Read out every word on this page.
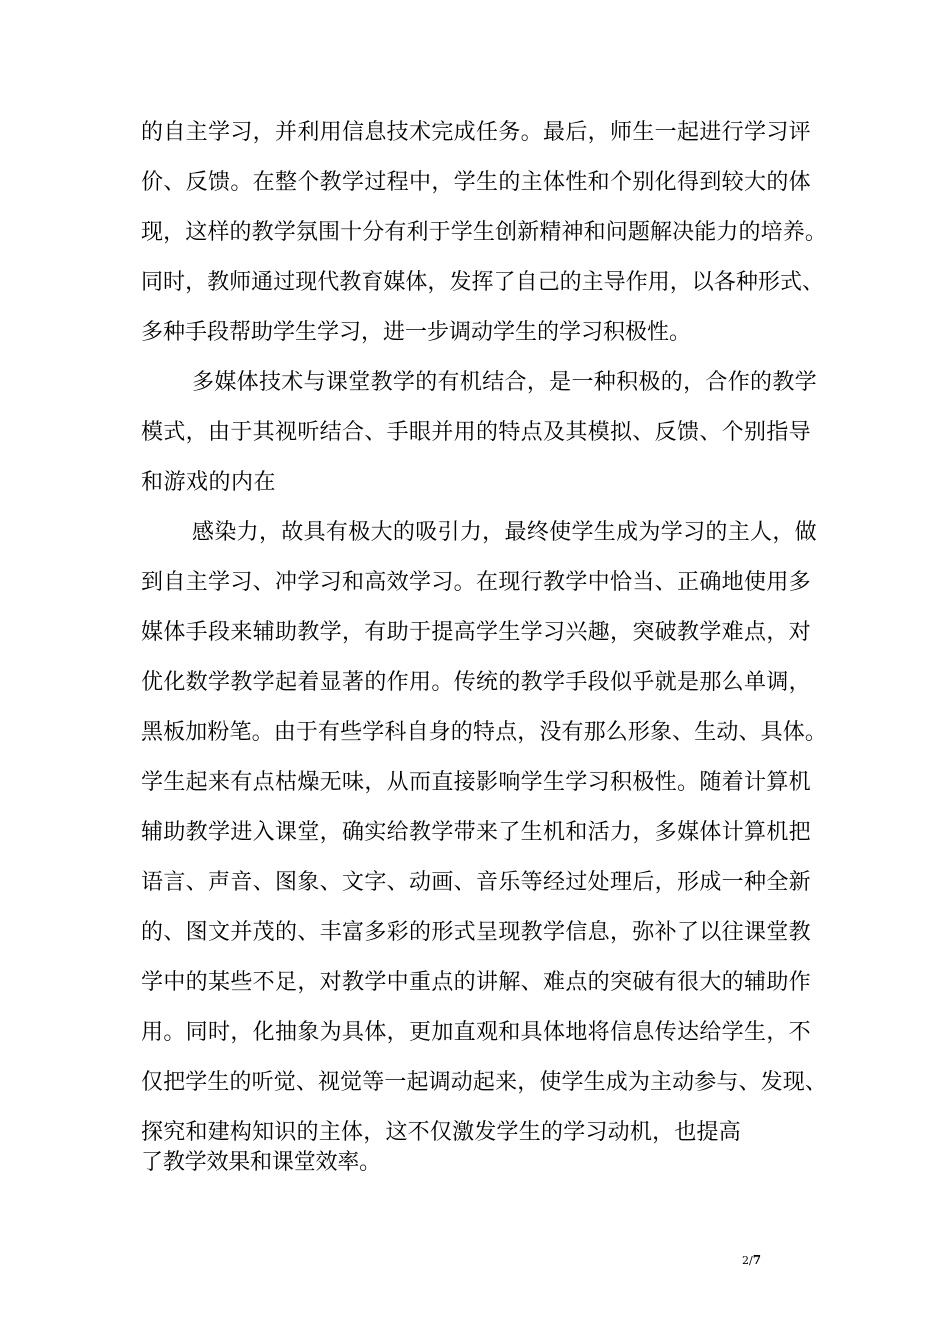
的自主学习，并利用信息技术完成任务。最后，师生一起进行学习评
价、反馈。在整个教学过程中，学生的主体性和个别化得到较大的体
现，这样的教学氛围十分有利于学生创新精神和问题解决能力的培养。
同时，教师通过现代教育媒体，发挥了自己的主导作用，以各种形式、
多种手段帮助学生学习，进一步调动学生的学习积极性。
多媒体技术与课堂教学的有机结合，是一种积极的，合作的教学
模式，由于其视听结合、手眼并用的特点及其模拟、反馈、个别指导
和游戏的内在
感染力，故具有极大的吸引力，最终使学生成为学习的主人，做
到自主学习、冲学习和高效学习。在现行教学中恰当、正确地使用多
媒体手段来辅助教学，有助于提高学生学习兴趣，突破教学难点，对
优化数学教学起着显著的作用。传统的教学手段似乎就是那么单调，
黑板加粉笔。由于有些学科自身的特点，没有那么形象、生动、具体。
学生起来有点枯燥无味，从而直接影响学生学习积极性。随着计算机
辅助教学进入课堂，确实给教学带来了生机和活力，多媒体计算机把
语言、声音、图象、文字、动画、音乐等经过处理后，形成一种全新
的、图文并茂的、丰富多彩的形式呈现教学信息，弥补了以往课堂教
学中的某些不足，对教学中重点的讲解、难点的突破有很大的辅助作
用。同时，化抽象为具体，更加直观和具体地将信息传达给学生，不
仅把学生的听觉、视觉等一起调动起来，使学生成为主动参与、发现、
探究和建构知识的主体，这不仅激发学生的学习动机，也提高
了教学效果和课堂效率。
2/7
